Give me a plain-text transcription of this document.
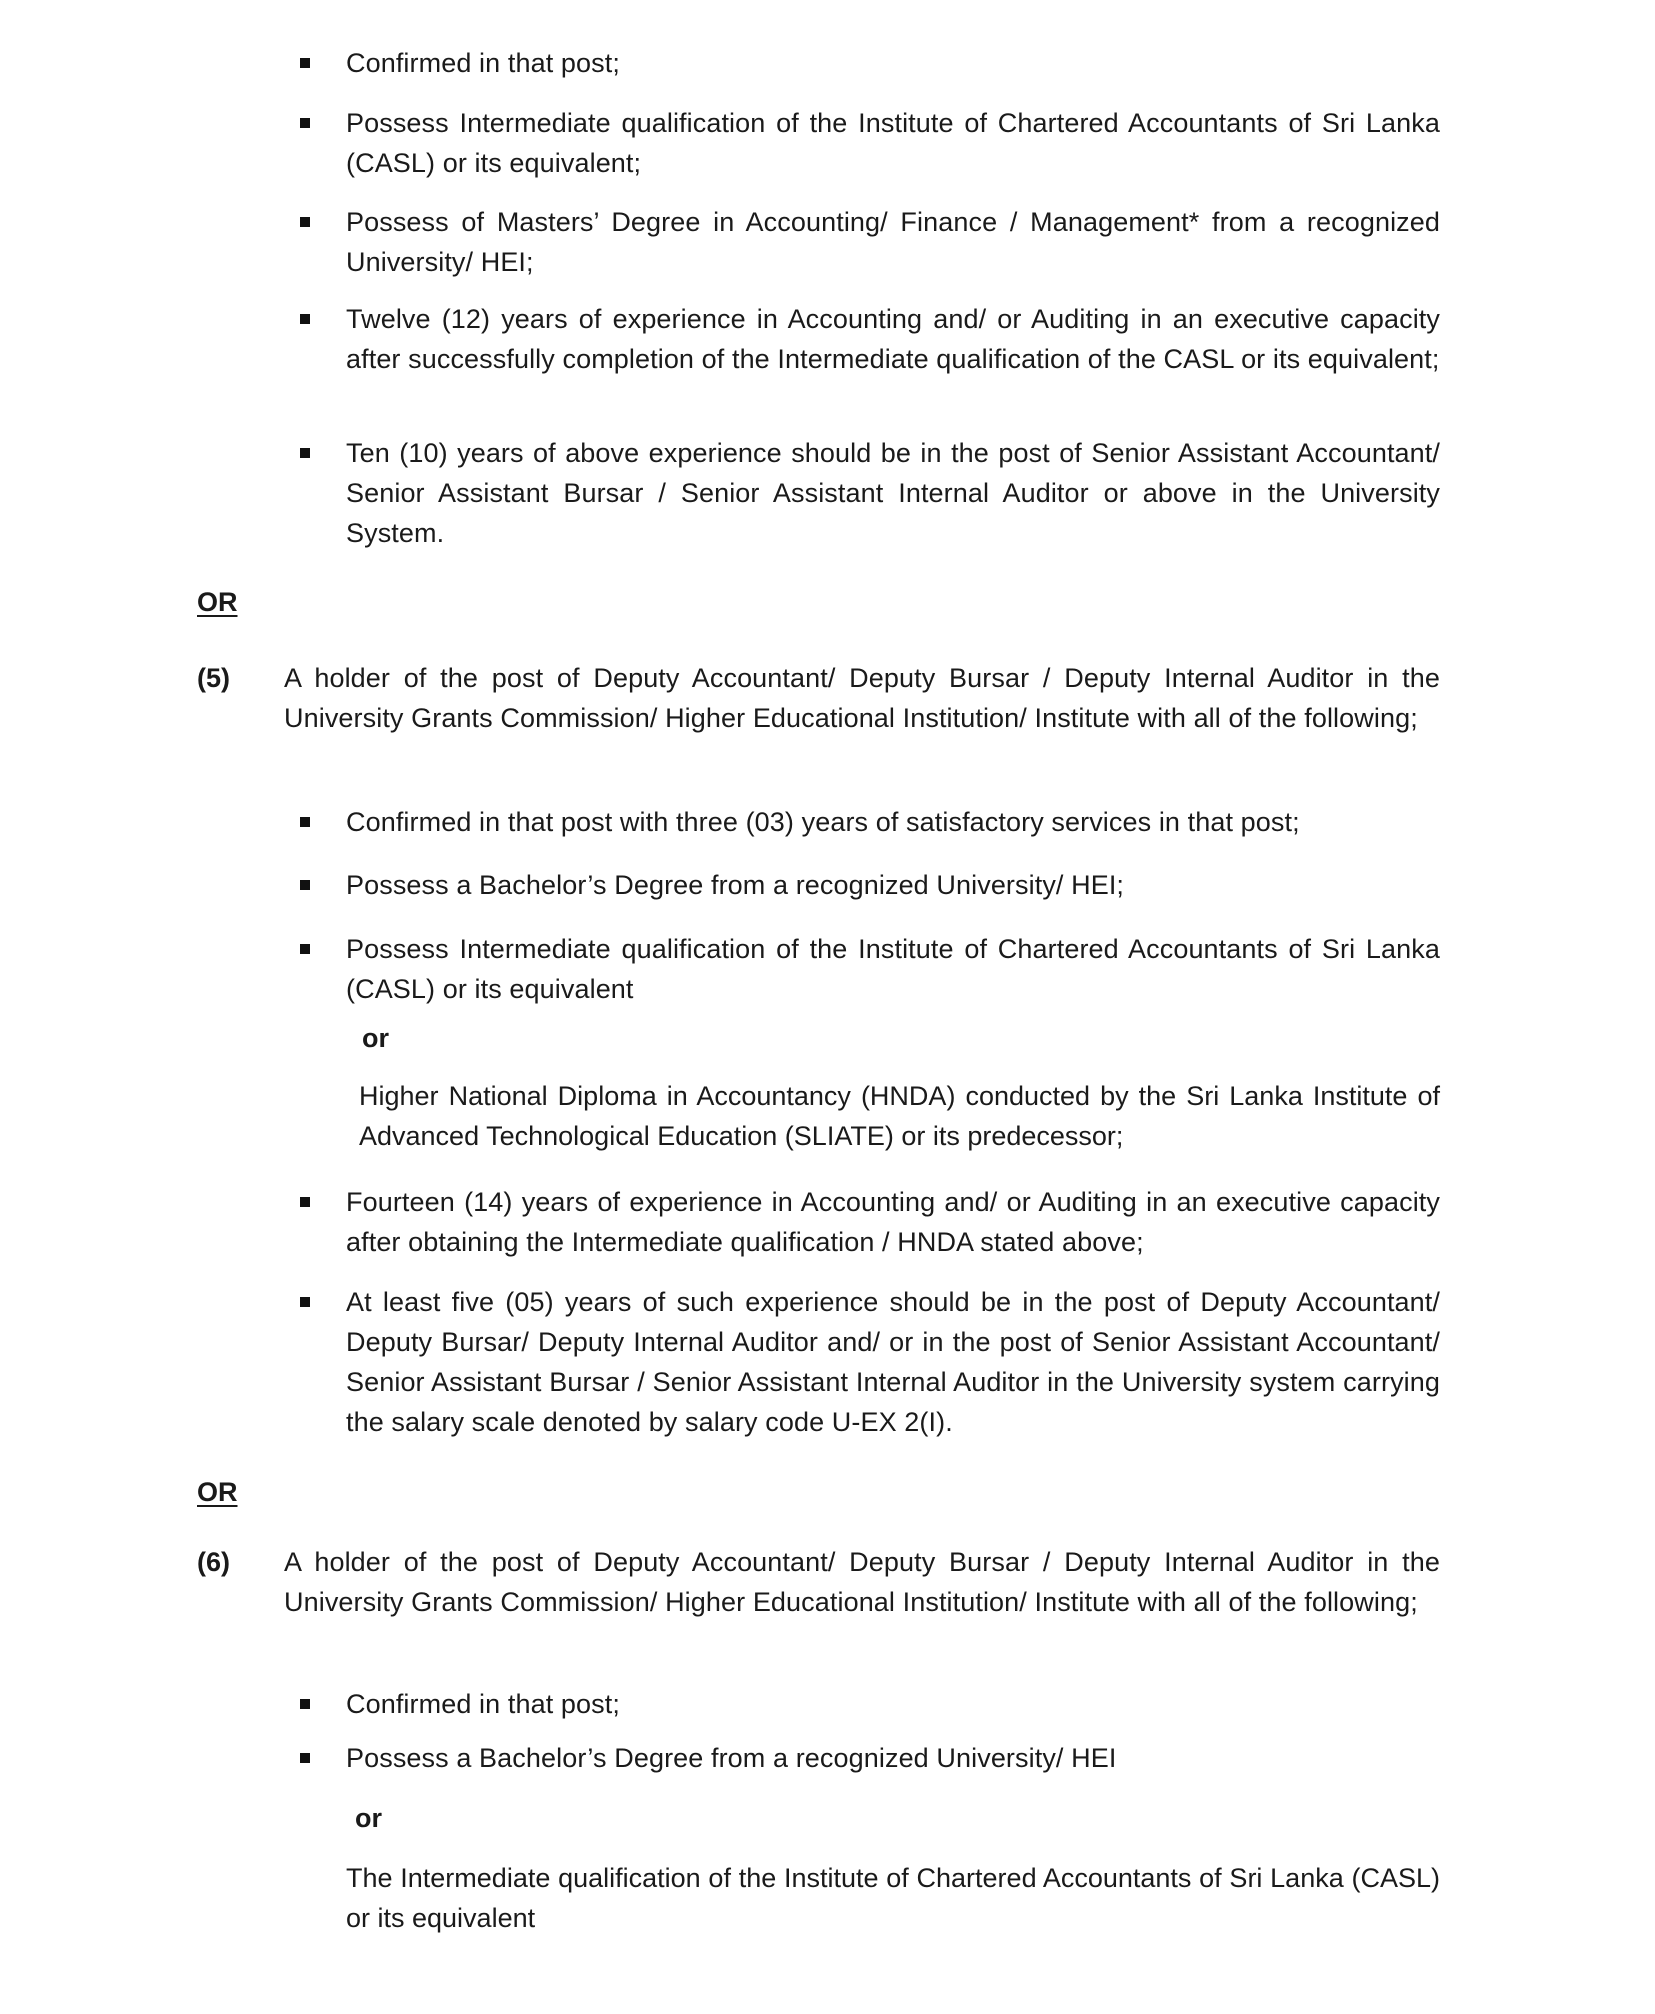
Confirmed in that post;
Possess Intermediate qualification of the Institute of Chartered Accountants of Sri Lanka (CASL) or its equivalent;
Possess of Masters’ Degree in Accounting/ Finance / Management* from a recognized University/ HEI;
Twelve (12) years of experience in Accounting and/ or Auditing in an executive capacity after successfully completion of the Intermediate qualification of the CASL or its equivalent;
Ten (10) years of above experience should be in the post of Senior Assistant Accountant/ Senior Assistant Bursar / Senior Assistant Internal Auditor or above in the University System.
OR
(5) A holder of the post of Deputy Accountant/ Deputy Bursar / Deputy Internal Auditor in the University Grants Commission/ Higher Educational Institution/ Institute with all of the following;
Confirmed in that post with three (03) years of satisfactory services in that post;
Possess a Bachelor’s Degree from a recognized University/ HEI;
Possess Intermediate qualification of the Institute of Chartered Accountants of Sri Lanka (CASL) or its equivalent
or
Higher National Diploma in Accountancy (HNDA) conducted by the Sri Lanka Institute of Advanced Technological Education (SLIATE) or its predecessor;
Fourteen (14) years of experience in Accounting and/ or Auditing in an executive capacity after obtaining the Intermediate qualification / HNDA stated above;
At least five (05) years of such experience should be in the post of Deputy Accountant/ Deputy Bursar/ Deputy Internal Auditor and/ or in the post of Senior Assistant Accountant/ Senior Assistant Bursar / Senior Assistant Internal Auditor in the University system carrying the salary scale denoted by salary code U-EX 2(I).
OR
(6) A holder of the post of Deputy Accountant/ Deputy Bursar / Deputy Internal Auditor in the University Grants Commission/ Higher Educational Institution/ Institute with all of the following;
Confirmed in that post;
Possess a Bachelor’s Degree from a recognized University/ HEI
or
The Intermediate qualification of the Institute of Chartered Accountants of Sri Lanka (CASL) or its equivalent
